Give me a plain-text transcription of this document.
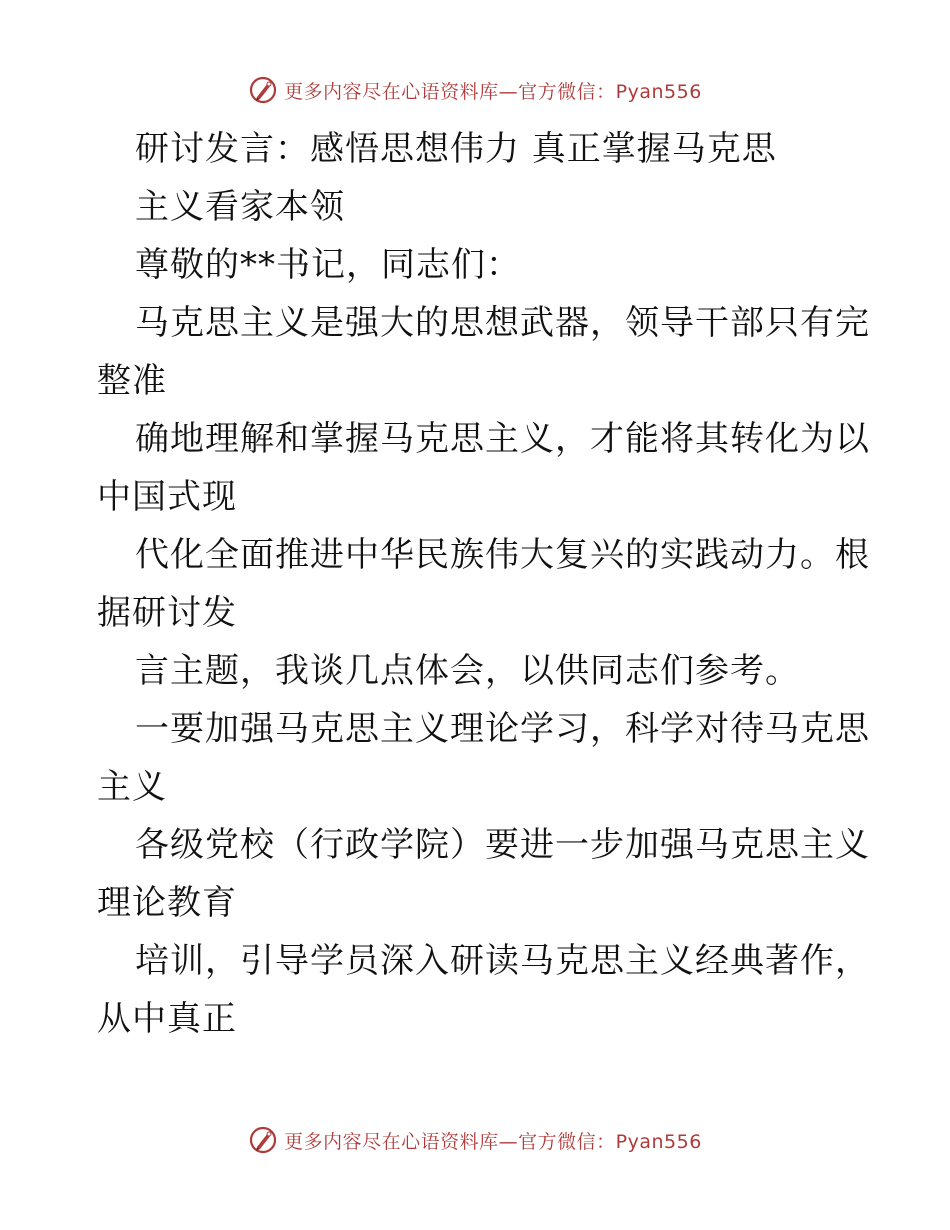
更多内容尽在心语资料库—官方微信：Pyan556
研讨发言：感悟思想伟力 真正掌握马克思
主义看家本领
尊敬的**书记，同志们：
马克思主义是强大的思想武器，领导干部只有完
整准
确地理解和掌握马克思主义，才能将其转化为以
中国式现
代化全面推进中华民族伟大复兴的实践动力。根
据研讨发
言主题，我谈几点体会，以供同志们参考。
一要加强马克思主义理论学习，科学对待马克思
主义
各级党校（行政学院）要进一步加强马克思主义
理论教育
培训，引导学员深入研读马克思主义经典著作，
从中真正
更多内容尽在心语资料库—官方微信：Pyan556
